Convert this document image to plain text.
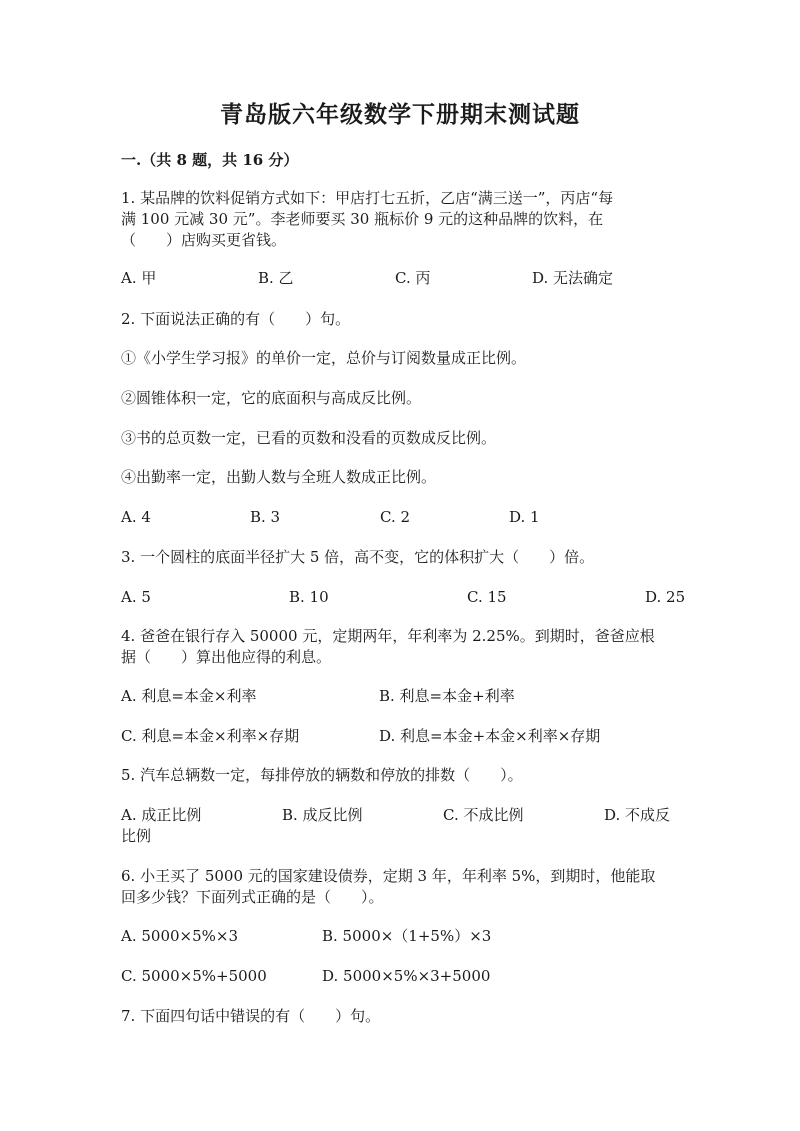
青岛版六年级数学下册期末测试题
一.（共 8 题，共 16 分）
1. 某品牌的饮料促销方式如下：甲店打七五折，乙店“满三送一”，丙店“每
满 100 元减 30 元”。李老师要买 30 瓶标价 9 元的这种品牌的饮料，在
（　　）店购买更省钱。
A. 甲	B. 乙	C. 丙	D. 无法确定
2. 下面说法正确的有（　　）句。
①《小学生学习报》的单价一定，总价与订阅数量成正比例。
②圆锥体积一定，它的底面积与高成反比例。
③书的总页数一定，已看的页数和没看的页数成反比例。
④出勤率一定，出勤人数与全班人数成正比例。
A. 4	B. 3	C. 2	D. 1
3. 一个圆柱的底面半径扩大 5 倍，高不变，它的体积扩大（　　）倍。
A. 5	B. 10	C. 15	D. 25
4. 爸爸在银行存入 50000 元，定期两年，年利率为 2.25%。到期时，爸爸应根
据（　　）算出他应得的利息。
A. 利息=本金×利率	B. 利息=本金+利率
C. 利息=本金×利率×存期	D. 利息=本金+本金×利率×存期
5. 汽车总辆数一定，每排停放的辆数和停放的排数（　　）。
A. 成正比例	B. 成反比例	C. 不成比例	D. 不成反
比例
6. 小王买了 5000 元的国家建设债券，定期 3 年，年利率 5%，到期时，他能取
回多少钱？下面列式正确的是（　　）。
A. 5000×5%×3	B. 5000×（1+5%）×3
C. 5000×5%+5000	D. 5000×5%×3+5000
7. 下面四句话中错误的有（　　）句。
